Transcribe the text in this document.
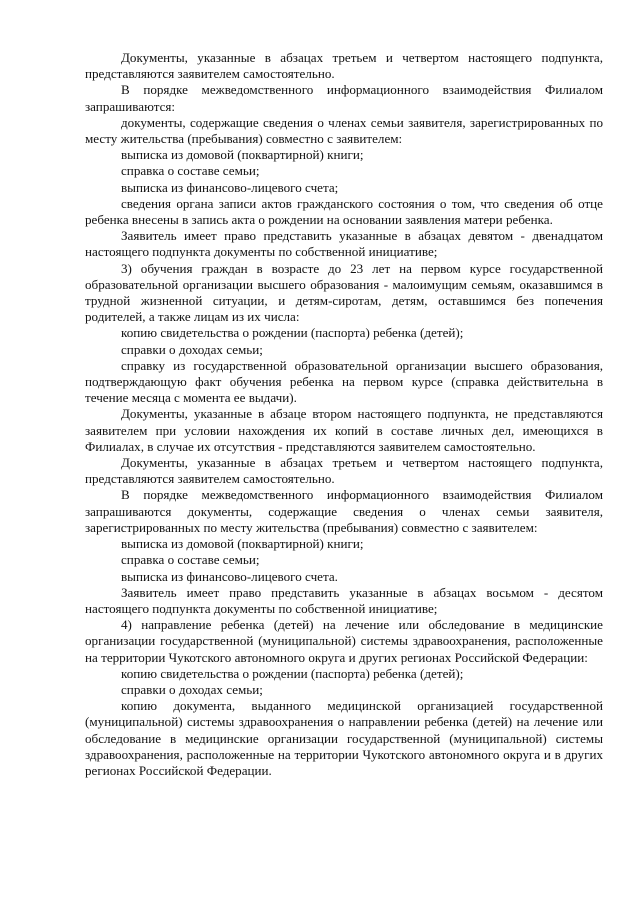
Документы, указанные в абзацах третьем и четвертом настоящего подпункта, представляются заявителем самостоятельно.

В порядке межведомственного информационного взаимодействия Филиалом запрашиваются:

документы, содержащие сведения о членах семьи заявителя, зарегистрированных по месту жительства (пребывания) совместно с заявителем:

выписка из домовой (поквартирной) книги;

справка о составе семьи;

выписка из финансово-лицевого счета;

сведения органа записи актов гражданского состояния о том, что сведения об отце ребенка внесены в запись акта о рождении на основании заявления матери ребенка.

Заявитель имеет право представить указанные в абзацах девятом - двенадцатом настоящего подпункта документы по собственной инициативе;

3) обучения граждан в возрасте до 23 лет на первом курсе государственной образовательной организации высшего образования - малоимущим семьям, оказавшимся в трудной жизненной ситуации, и детям-сиротам, детям, оставшимся без попечения родителей, а также лицам из их числа:

копию свидетельства о рождении (паспорта) ребенка (детей);

справки о доходах семьи;

справку из государственной образовательной организации высшего образования, подтверждающую факт обучения ребенка на первом курсе (справка действительна в течение месяца с момента ее выдачи).

Документы, указанные в абзаце втором настоящего подпункта, не представляются заявителем при условии нахождения их копий в составе личных дел, имеющихся в Филиалах, в случае их отсутствия - представляются заявителем самостоятельно.

Документы, указанные в абзацах третьем и четвертом настоящего подпункта, представляются заявителем самостоятельно.

В порядке межведомственного информационного взаимодействия Филиалом запрашиваются документы, содержащие сведения о членах семьи заявителя, зарегистрированных по месту жительства (пребывания) совместно с заявителем:

выписка из домовой (поквартирной) книги;

справка о составе семьи;

выписка из финансово-лицевого счета.

Заявитель имеет право представить указанные в абзацах восьмом - десятом настоящего подпункта документы по собственной инициативе;

4) направление ребенка (детей) на лечение или обследование в медицинские организации государственной (муниципальной) системы здравоохранения, расположенные на территории Чукотского автономного округа и других регионах Российской Федерации:

копию свидетельства о рождении (паспорта) ребенка (детей);

справки о доходах семьи;

копию документа, выданного медицинской организацией государственной (муниципальной) системы здравоохранения о направлении ребенка (детей) на лечение или обследование в медицинские организации государственной (муниципальной) системы здравоохранения, расположенные на территории Чукотского автономного округа и в других регионах Российской Федерации.
